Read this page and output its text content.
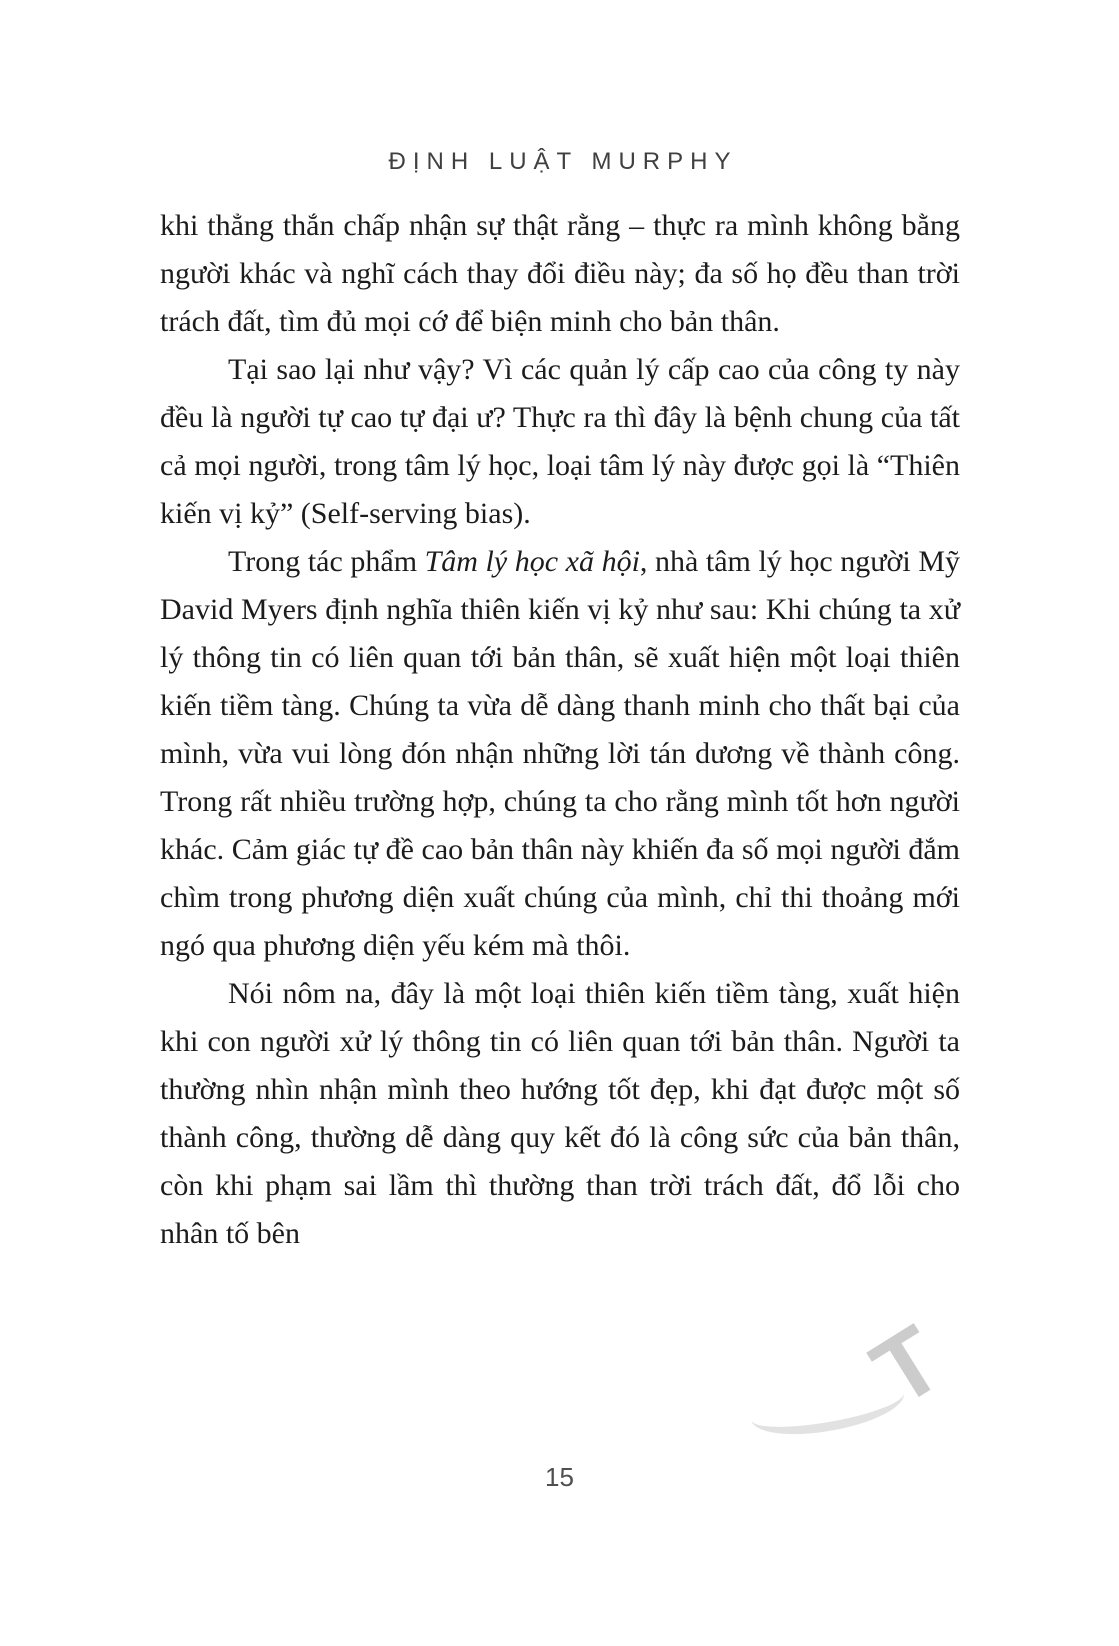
ĐỊNH LUẬT MURPHY
T

khi thẳng thắn chấp nhận sự thật rằng – thực ra mình không bằng người khác và nghĩ cách thay đổi điều này; đa số họ đều than trời trách đất, tìm đủ mọi cớ để biện minh cho bản thân.

Tại sao lại như vậy? Vì các quản lý cấp cao của công ty này đều là người tự cao tự đại ư? Thực ra thì đây là bệnh chung của tất cả mọi người, trong tâm lý học, loại tâm lý này được gọi là “Thiên kiến vị kỷ” (Self-serving bias).

Trong tác phẩm Tâm lý học xã hội, nhà tâm lý học người Mỹ David Myers định nghĩa thiên kiến vị kỷ như sau: Khi chúng ta xử lý thông tin có liên quan tới bản thân, sẽ xuất hiện một loại thiên kiến tiềm tàng. Chúng ta vừa dễ dàng thanh minh cho thất bại của mình, vừa vui lòng đón nhận những lời tán dương về thành công. Trong rất nhiều trường hợp, chúng ta cho rằng mình tốt hơn người khác. Cảm giác tự đề cao bản thân này khiến đa số mọi người đắm chìm trong phương diện xuất chúng của mình, chỉ thi thoảng mới ngó qua phương diện yếu kém mà thôi.

Nói nôm na, đây là một loại thiên kiến tiềm tàng, xuất hiện khi con người xử lý thông tin có liên quan tới bản thân. Người ta thường nhìn nhận mình theo hướng tốt đẹp, khi đạt được một số thành công, thường dễ dàng quy kết đó là công sức của bản thân, còn khi phạm sai lầm thì thường than trời trách đất, đổ lỗi cho nhân tố bên

15
